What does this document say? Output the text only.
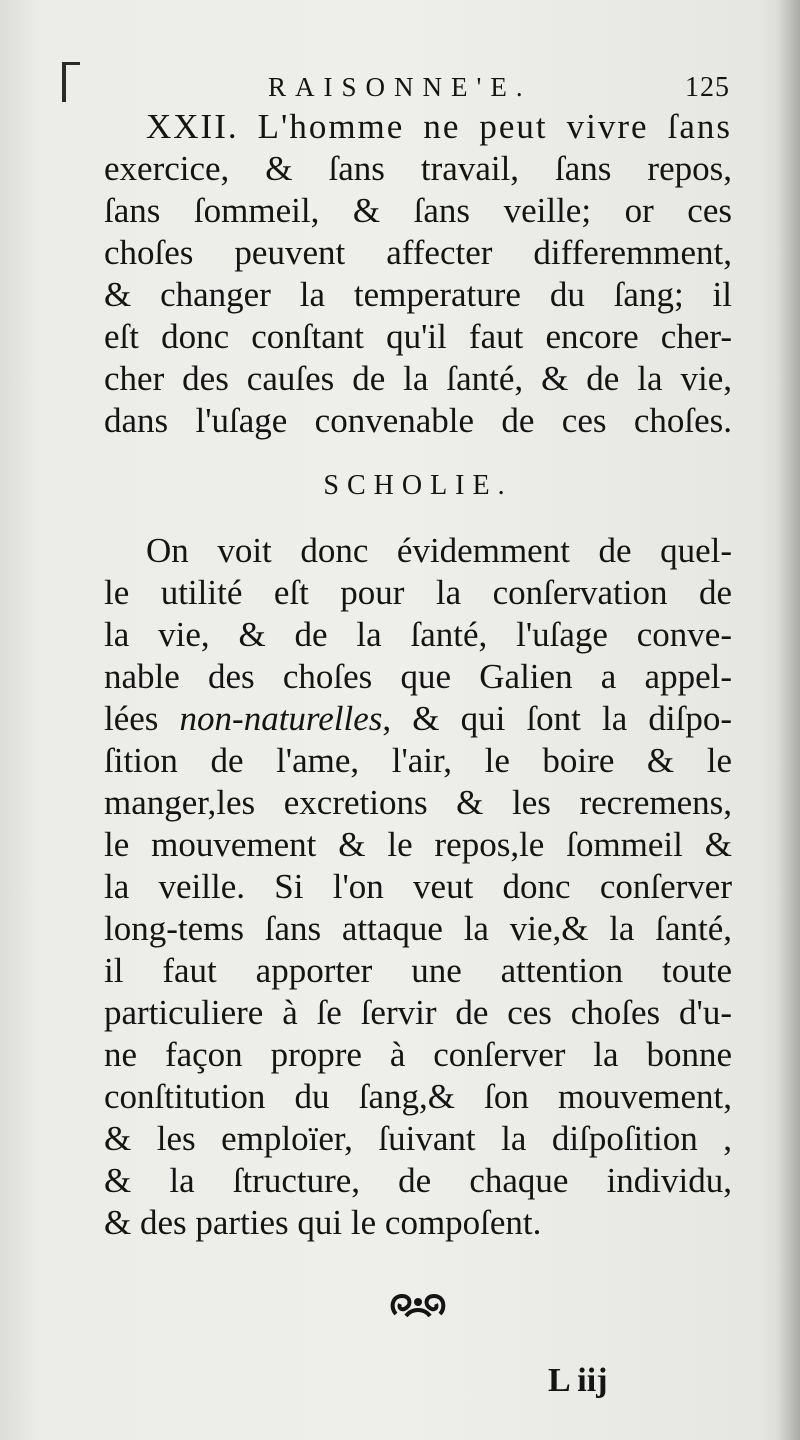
RAISONNE'E.	125
XXII. L'homme ne peut vivre ſans
exercice, & ſans travail, ſans repos,
ſans ſommeil, & ſans veille; or ces
choſes peuvent affecter differemment,
& changer la temperature du ſang; il
eſt donc conſtant qu'il faut encore cher-
cher des cauſes de la ſanté, & de la vie,
dans l'uſage convenable de ces choſes.
SCHOLIE.
On voit donc évidemment de quel-
le utilité eſt pour la conſervation de
la vie, & de la ſanté, l'uſage conve-
nable des choſes que Galien a appel-
lées non-naturelles, & qui ſont la diſpo-
ſition de l'ame, l'air, le boire & le
manger,les excretions & les recremens,
le mouvement & le repos,le ſommeil &
la veille. Si l'on veut donc conſerver
long-tems ſans attaque la vie,& la ſanté,
il faut apporter une attention toute
particuliere à ſe ſervir de ces choſes d'u-
ne façon propre à conſerver la bonne
conſtitution du ſang,& ſon mouvement,
& les emploïer, ſuivant la diſpoſition ,
& la ſtructure, de chaque individu,
& des parties qui le compoſent.
L iij
